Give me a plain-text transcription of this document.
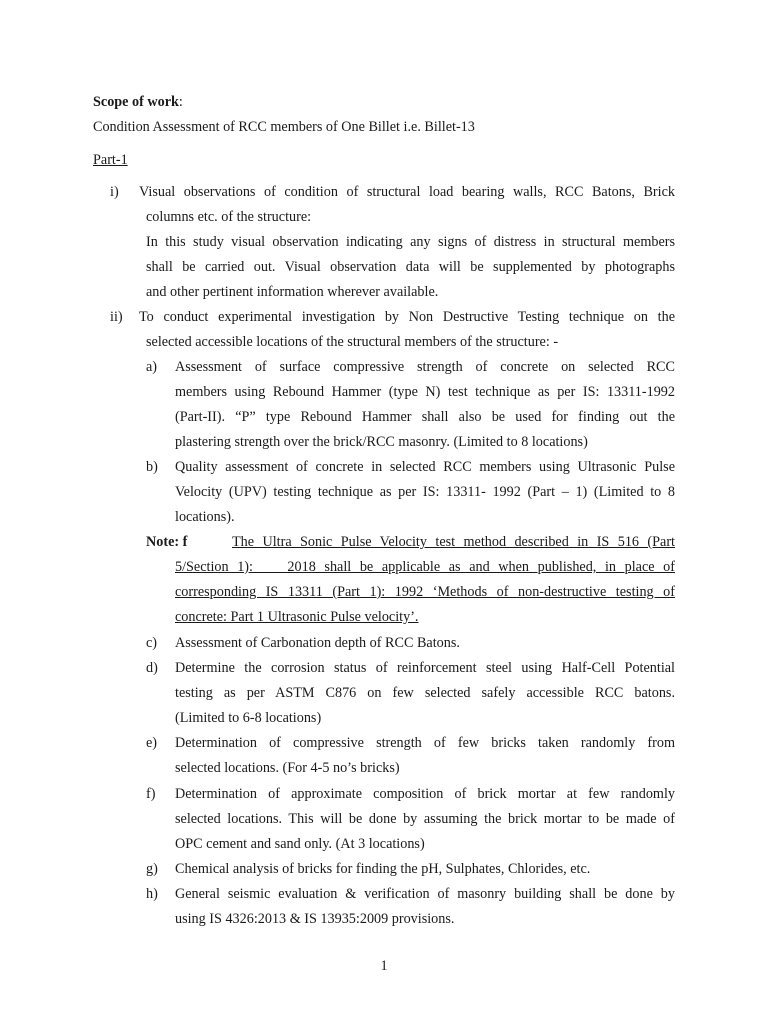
Scope of work:
Condition Assessment of RCC members of One Billet i.e. Billet-13
Part-1
i) Visual observations of condition of structural load bearing walls, RCC Batons, Brick
columns etc. of the structure:
In this study visual observation indicating any signs of distress in structural members
shall be carried out. Visual observation data will be supplemented by photographs
and other pertinent information wherever available.
ii) To conduct experimental investigation by Non Destructive Testing technique on the
selected accessible locations of the structural members of the structure: -
a) Assessment of surface compressive strength of concrete on selected RCC
members using Rebound Hammer (type N) test technique as per IS: 13311-1992
(Part-II). “P” type Rebound Hammer shall also be used for finding out the
plastering strength over the brick/RCC masonry. (Limited to 8 locations)
b) Quality assessment of concrete in selected RCC members using Ultrasonic Pulse
Velocity (UPV) testing technique as per IS: 13311- 1992 (Part – 1) (Limited to 8
locations).
Note: f	The Ultra Sonic Pulse Velocity test method described in IS 516 (Part
5/Section 1):    2018 shall be applicable as and when published, in place of
corresponding IS 13311 (Part 1): 1992 ‘Methods of non-destructive testing of
concrete: Part 1 Ultrasonic Pulse velocity’.
c) Assessment of Carbonation depth of RCC Batons.
d) Determine the corrosion status of reinforcement steel using Half-Cell Potential
testing as per ASTM C876 on few selected safely accessible RCC batons.
(Limited to 6-8 locations)
e) Determination of compressive strength of few bricks taken randomly from
selected locations. (For 4-5 no’s bricks)
f) Determination of approximate composition of brick mortar at few randomly
selected locations. This will be done by assuming the brick mortar to be made of
OPC cement and sand only. (At 3 locations)
g) Chemical analysis of bricks for finding the pH, Sulphates, Chlorides, etc.
h) General seismic evaluation & verification of masonry building shall be done by
using IS 4326:2013 & IS 13935:2009 provisions.
1
